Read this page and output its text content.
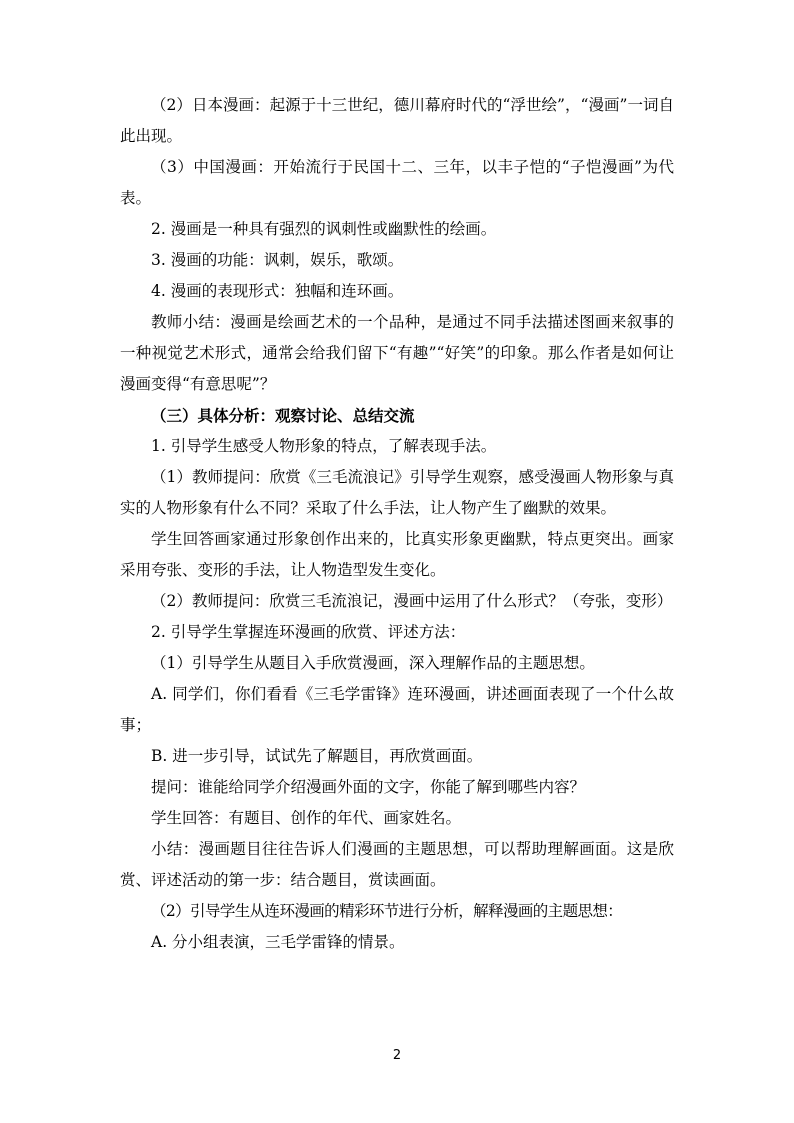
（2）日本漫画：起源于十三世纪，德川幕府时代的“浮世绘”，“漫画”一词自此出现。

（3）中国漫画：开始流行于民国十二、三年，以丰子恺的“子恺漫画”为代表。

2. 漫画是一种具有强烈的讽刺性或幽默性的绘画。

3. 漫画的功能：讽刺，娱乐，歌颂。

4. 漫画的表现形式：独幅和连环画。

教师小结：漫画是绘画艺术的一个品种，是通过不同手法描述图画来叙事的一种视觉艺术形式，通常会给我们留下“有趣”“好笑”的印象。那么作者是如何让漫画变得“有意思呢”？

（三）具体分析：观察讨论、总结交流

1. 引导学生感受人物形象的特点，了解表现手法。

（1）教师提问：欣赏《三毛流浪记》引导学生观察，感受漫画人物形象与真实的人物形象有什么不同？采取了什么手法，让人物产生了幽默的效果。

学生回答画家通过形象创作出来的，比真实形象更幽默，特点更突出。画家采用夸张、变形的手法，让人物造型发生变化。

（2）教师提问：欣赏三毛流浪记，漫画中运用了什么形式？（夸张，变形）

2. 引导学生掌握连环漫画的欣赏、评述方法：

（1）引导学生从题目入手欣赏漫画，深入理解作品的主题思想。

A. 同学们，你们看看《三毛学雷锋》连环漫画，讲述画面表现了一个什么故事；

B. 进一步引导，试试先了解题目，再欣赏画面。

提问：谁能给同学介绍漫画外面的文字，你能了解到哪些内容？

学生回答：有题目、创作的年代、画家姓名。

小结：漫画题目往往告诉人们漫画的主题思想，可以帮助理解画面。这是欣赏、评述活动的第一步：结合题目，赏读画面。

（2）引导学生从连环漫画的精彩环节进行分析，解释漫画的主题思想：

A. 分小组表演，三毛学雷锋的情景。

2
